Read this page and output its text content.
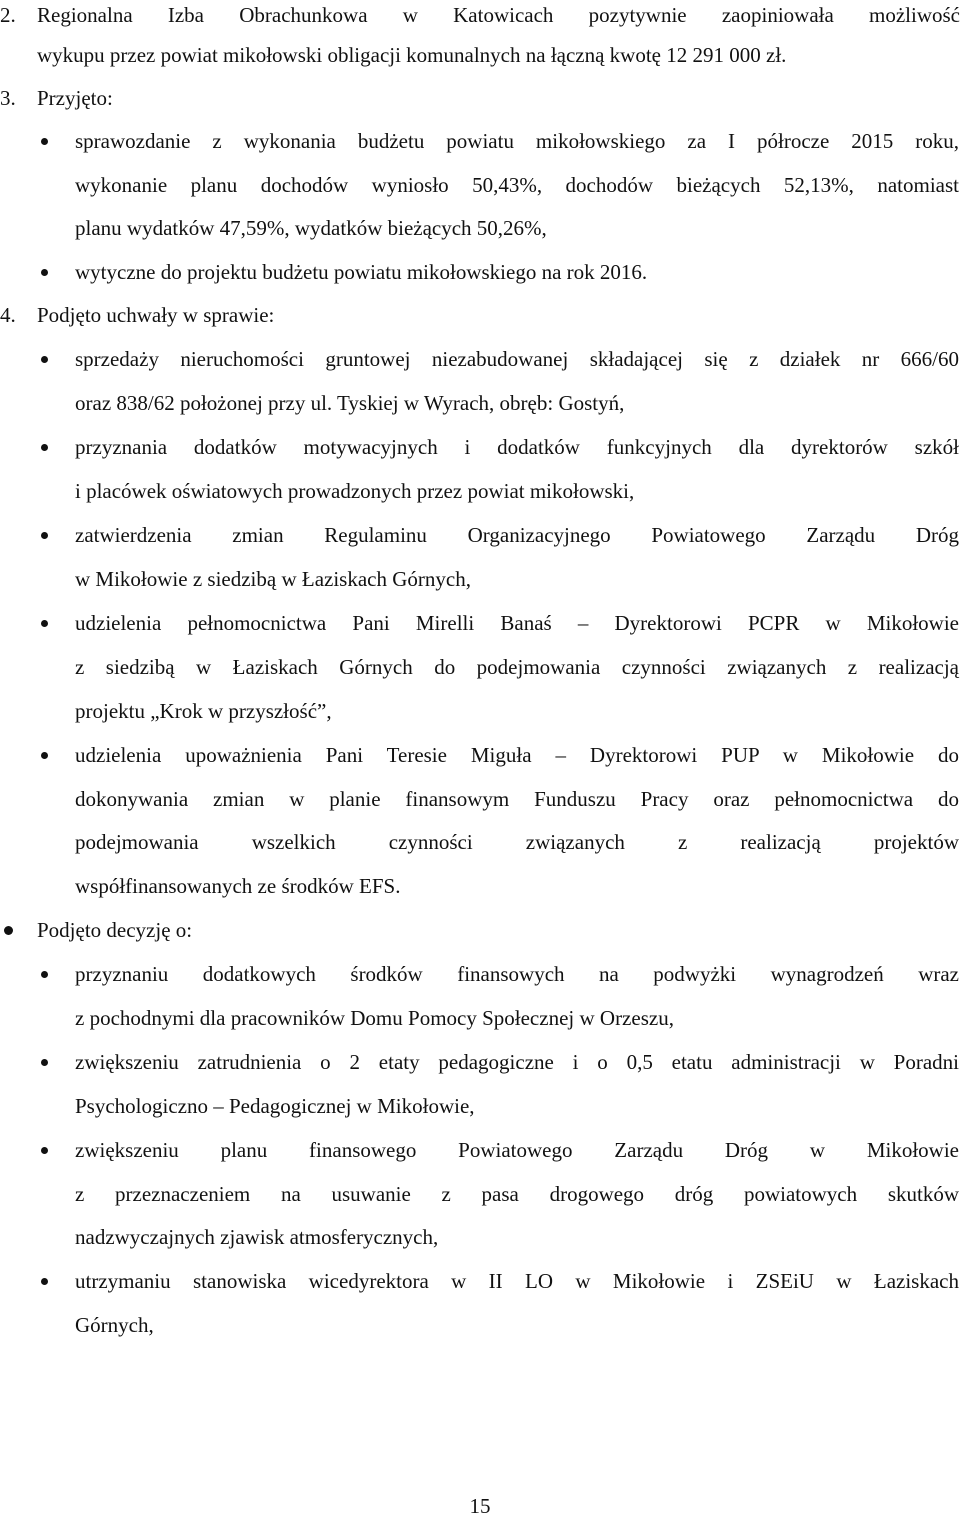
2.	Regionalna Izba Obrachunkowa w Katowicach pozytywnie zaopiniowała możliwość
wykupu przez powiat mikołowski obligacji komunalnych na łączną kwotę 12 291 000 zł.
3.	Przyjęto:
sprawozdanie z wykonania budżetu powiatu mikołowskiego za I półrocze 2015 roku,
wykonanie planu dochodów wyniosło 50,43%, dochodów bieżących 52,13%, natomiast
planu wydatków 47,59%, wydatków bieżących 50,26%,
wytyczne do projektu budżetu powiatu mikołowskiego na rok 2016.
4.	Podjęto uchwały w sprawie:
sprzedaży nieruchomości gruntowej niezabudowanej składającej się z działek nr 666/60
oraz 838/62 położonej przy ul. Tyskiej w Wyrach, obręb: Gostyń,
przyznania dodatków motywacyjnych i dodatków funkcyjnych dla dyrektorów szkół
i placówek oświatowych prowadzonych przez powiat mikołowski,
zatwierdzenia zmian Regulaminu Organizacyjnego Powiatowego Zarządu Dróg
w Mikołowie z siedzibą w Łaziskach Górnych,
udzielenia pełnomocnictwa Pani Mirelli Banaś – Dyrektorowi PCPR w Mikołowie
z siedzibą w Łaziskach Górnych do podejmowania czynności związanych z realizacją
projektu „Krok w przyszłość”,
udzielenia upoważnienia Pani Teresie Miguła – Dyrektorowi PUP w Mikołowie do
dokonywania zmian w planie finansowym Funduszu Pracy oraz pełnomocnictwa do
podejmowania wszelkich czynności związanych z realizacją projektów
współfinansowanych ze środków EFS.
Podjęto decyzję o:
przyznaniu dodatkowych środków finansowych na podwyżki wynagrodzeń wraz
z pochodnymi dla pracowników Domu Pomocy Społecznej w Orzeszu,
zwiększeniu zatrudnienia o 2 etaty pedagogiczne i o 0,5 etatu administracji w Poradni
Psychologiczno – Pedagogicznej w Mikołowie,
zwiększeniu planu finansowego Powiatowego Zarządu Dróg w Mikołowie
z przeznaczeniem na usuwanie z pasa drogowego dróg powiatowych skutków
nadzwyczajnych zjawisk atmosferycznych,
utrzymaniu stanowiska wicedyrektora w II LO w Mikołowie i ZSEiU w Łaziskach
Górnych,
15
